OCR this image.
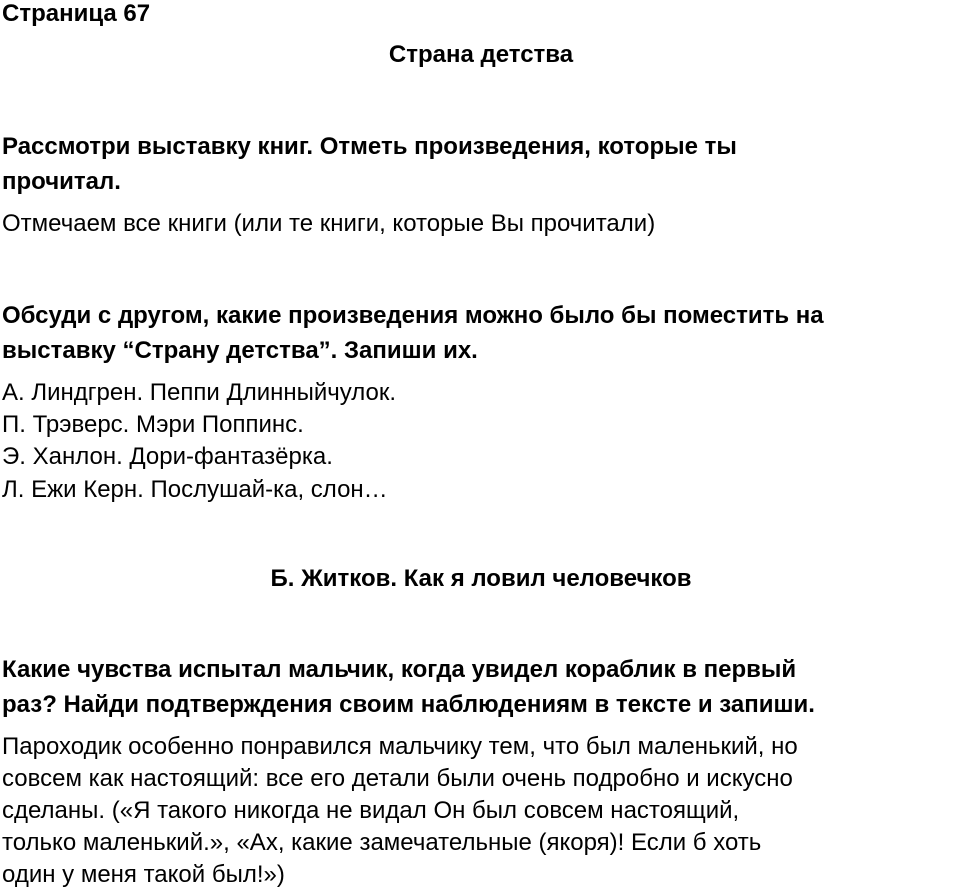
Страница 67

Страна детства

Рассмотри выставку книг. Отметь произведения, которые ты

прочитал.

Отмечаем все книги (или те книги, которые Вы прочитали)

Обсуди с другом, какие произведения можно было бы поместить на

выставку “Страну детства”. Запиши их.

А. Линдгрен. Пеппи Длинныйчулок.

П. Трэверс. Мэри Поппинс.

Э. Ханлон. Дори-фантазёрка.

Л. Ежи Керн. Послушай-ка, слон…

Б. Житков. Как я ловил человечков

Какие чувства испытал мальчик, когда увидел кораблик в первый

раз? Найди подтверждения своим наблюдениям в тексте и запиши.

Пароходик особенно понравился мальчику тем, что был маленький, но

совсем как настоящий: все его детали были очень подробно и искусно

сделаны. («Я такого никогда не видал Он был совсем настоящий,

только маленький.», «Ах, какие замечательные (якоря)! Если б хоть

один у меня такой был!»)
